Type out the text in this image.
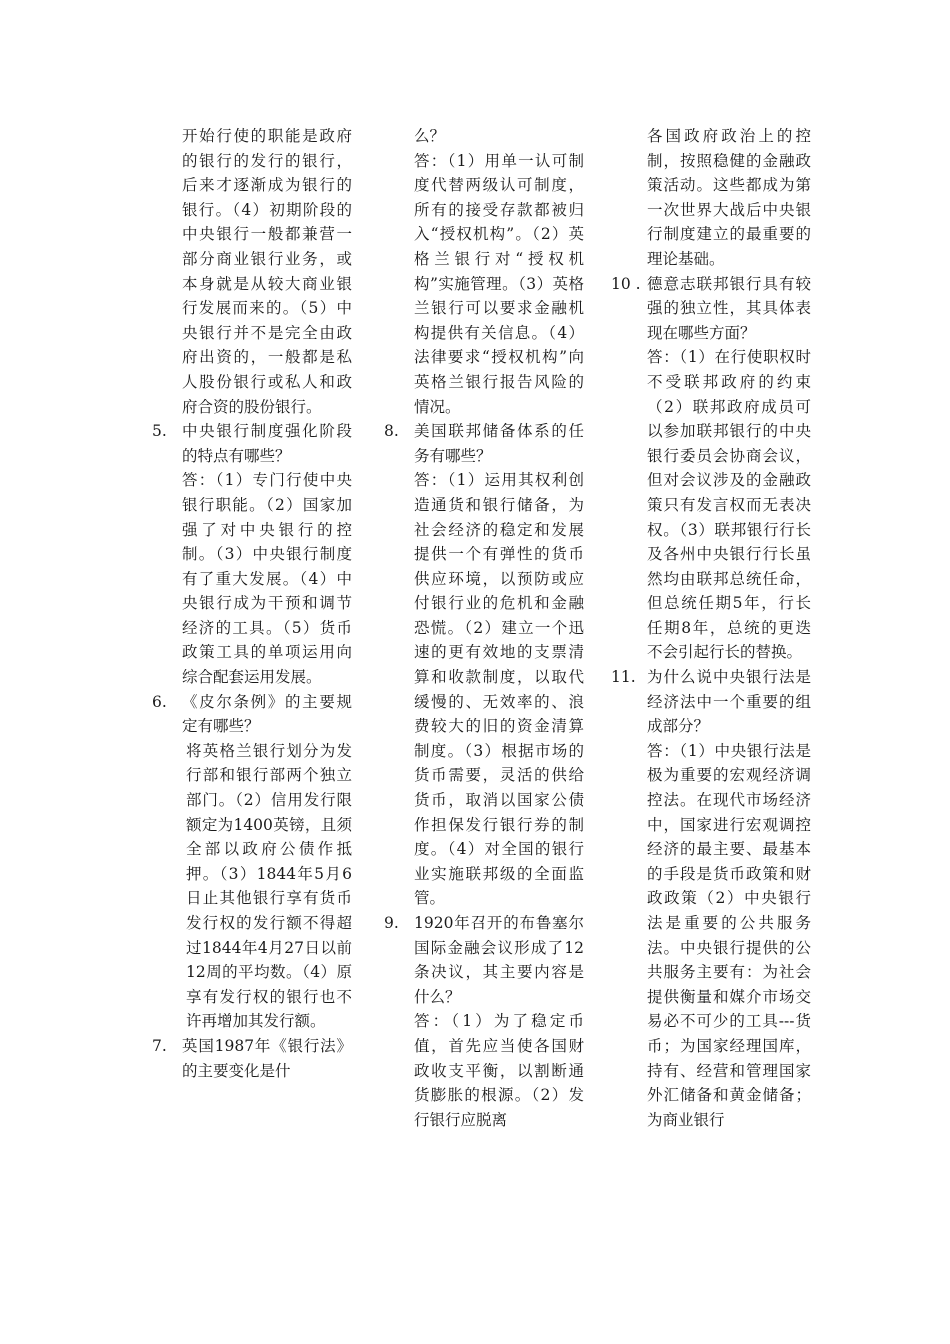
开始行使的职能是政府的银行的发行的银行，后来才逐渐成为银行的银行。（4）初期阶段的中央银行一般都兼营一部分商业银行业务，或本身就是从较大商业银行发展而来的。（5）中央银行并不是完全由政府出资的，一般都是私人股份银行或私人和政府合资的股份银行。

5. 中央银行制度强化阶段的特点有哪些？

答：（1）专门行使中央银行职能。（2）国家加强了对中央银行的控制。（3）中央银行制度有了重大发展。（4）中央银行成为干预和调节经济的工具。（5）货币政策工具的单项运用向综合配套运用发展。

6. 《皮尔条例》的主要规定有哪些？

将英格兰银行划分为发行部和银行部两个独立部门。（2）信用发行限额定为1400英镑，且须全部以政府公债作抵押。（3）1844年5月6日止其他银行享有货币发行权的发行额不得超过1844年4月27日以前12周的平均数。（4）原享有发行权的银行也不许再增加其发行额。

7. 英国1987年《银行法》的主要变化是什

么？

答：（1）用单一认可制度代替两级认可制度，所有的接受存款都被归入“授权机构”。（2）英格兰银行对“授权机构”实施管理。（3）英格兰银行可以要求金融机构提供有关信息。（4）法律要求“授权机构”向英格兰银行报告风险的情况。

8. 美国联邦储备体系的任务有哪些？

答：（1）运用其权利创造通货和银行储备，为社会经济的稳定和发展提供一个有弹性的货币供应环境，以预防或应付银行业的危机和金融恐慌。（2）建立一个迅速的更有效地的支票清算和收款制度，以取代缓慢的、无效率的、浪费较大的旧的资金清算制度。（3）根据市场的货币需要，灵活的供给货币，取消以国家公债作担保发行银行券的制度。（4）对全国的银行业实施联邦级的全面监管。

9. 1920年召开的布鲁塞尔国际金融会议形成了12条决议，其主要内容是什么？

答：（1）为了稳定币值，首先应当使各国财政收支平衡，以割断通货膨胀的根源。（2）发行银行应脱离

各国政府政治上的控制，按照稳健的金融政策活动。这些都成为第一次世界大战后中央银行制度建立的最重要的理论基础。

10 . 德意志联邦银行具有较强的独立性，其具体表现在哪些方面？

答：（1）在行使职权时不受联邦政府的约束（2）联邦政府成员可以参加联邦银行的中央银行委员会协商会议，但对会议涉及的金融政策只有发言权而无表决权。（3）联邦银行行长及各州中央银行行长虽然均由联邦总统任命，但总统任期5年，行长任期8年，总统的更迭不会引起行长的替换。

11. 为什么说中央银行法是经济法中一个重要的组成部分？

答：（1）中央银行法是极为重要的宏观经济调控法。在现代市场经济中，国家进行宏观调控经济的最主要、最基本的手段是货币政策和财政政策（2）中央银行法是重要的公共服务法。中央银行提供的公共服务主要有：为社会提供衡量和媒介市场交易必不可少的工具---货币；为国家经理国库，持有、经营和管理国家外汇储备和黄金储备；为商业银行
